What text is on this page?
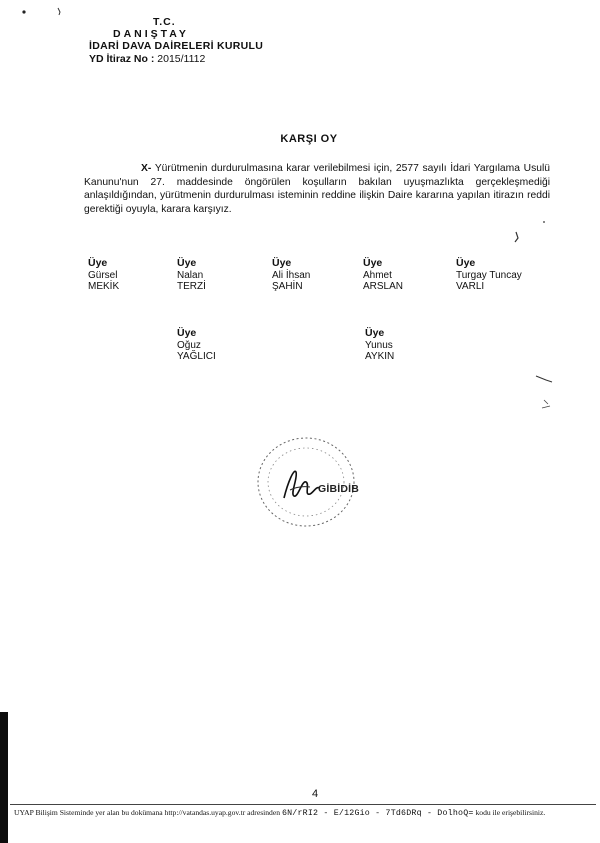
T.C.
DANIŞTAY
İDARİ DAVA DAİRELERİ KURULU
YD İtiraz No : 2015/1112
KARŞI OY
X- Yürütmenin durdurulmasına karar verilebilmesi için, 2577 sayılı İdari Yargılama Usulü Kanunu'nun 27. maddesinde öngörülen koşulların bakılan uyuşmazlıkta gerçekleşmediği anlaşıldığından, yürütmenin durdurulması isteminin reddine ilişkin Daire kararına yapılan itirazın reddi gerektiği oyuyla, karara karşıyız.
Üye
Gürsel
MEKİK
Üye
Nalan
TERZİ
Üye
Ali İhsan
ŞAHİN
Üye
Ahmet
ARSLAN
Üye
Turgay Tuncay
VARLI
Üye
Oğuz
YAĞLICI
Üye
Yunus
AYKIN
GİBİDİB
4
UYAP Bilişim Sisteminde yer alan bu dokümana http://vatandas.uyap.gov.tr adresinden 6N/rRI2 - E/12Gio - 7Td6DRq - DolhoQ= kodu ile erişebilirsiniz.
